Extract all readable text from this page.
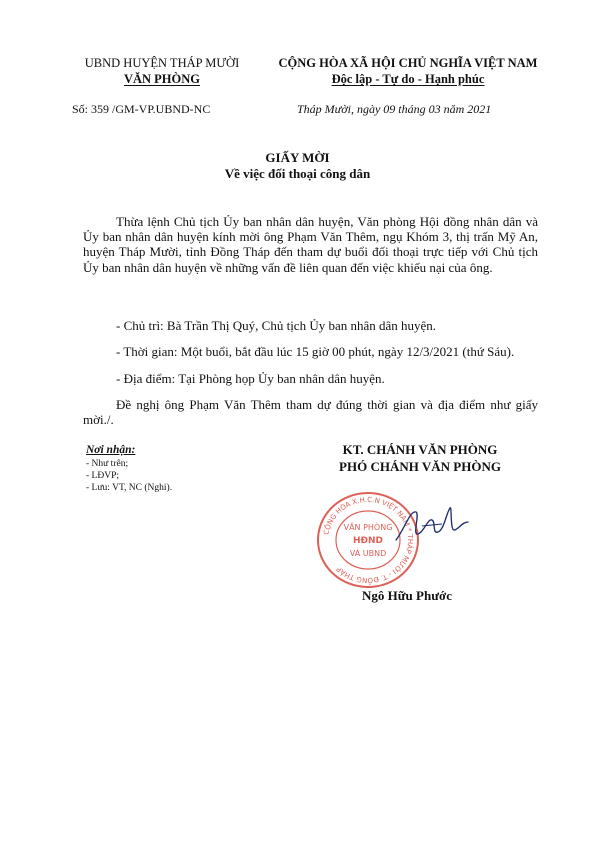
UBND HUYỆN THÁP MƯỜI
VĂN PHÒNG
CỘNG HÒA XÃ HỘI CHỦ NGHĨA VIỆT NAM
Độc lập - Tự do - Hạnh phúc
Số: 359 /GM-VP.UBND-NC	Tháp Mười, ngày 09 tháng 03 năm 2021
GIẤY MỜI
Về việc đối thoại công dân
Thừa lệnh Chủ tịch Ủy ban nhân dân huyện, Văn phòng Hội đồng nhân dân và Ủy ban nhân dân huyện kính mời ông Phạm Văn Thêm, ngụ Khóm 3, thị trấn Mỹ An, huyện Tháp Mười, tỉnh Đồng Tháp đến tham dự buổi đối thoại trực tiếp với Chủ tịch Ủy ban nhân dân huyện về những vấn đề liên quan đến việc khiếu nại của ông.
- Chủ trì: Bà Trần Thị Quý, Chủ tịch Ủy ban nhân dân huyện.
- Thời gian: Một buổi, bắt đầu lúc 15 giờ 00 phút, ngày 12/3/2021 (thứ Sáu).
- Địa điểm: Tại Phòng họp Ủy ban nhân dân huyện.
Đề nghị ông Phạm Văn Thêm tham dự đúng thời gian và địa điểm như giấy mời./.
Nơi nhận:
- Như trên;
- LĐVP;
- Lưu: VT, NC (Nghi).
KT. CHÁNH VĂN PHÒNG
PHÓ CHÁNH VĂN PHÒNG
CỘNG HÒA X.H.C.N VIỆT NAM * THÁP MƯỜI - T. ĐỒNG THÁP
VĂN PHÒNG
HĐND
VÀ UBND
Ngô Hữu Phước
